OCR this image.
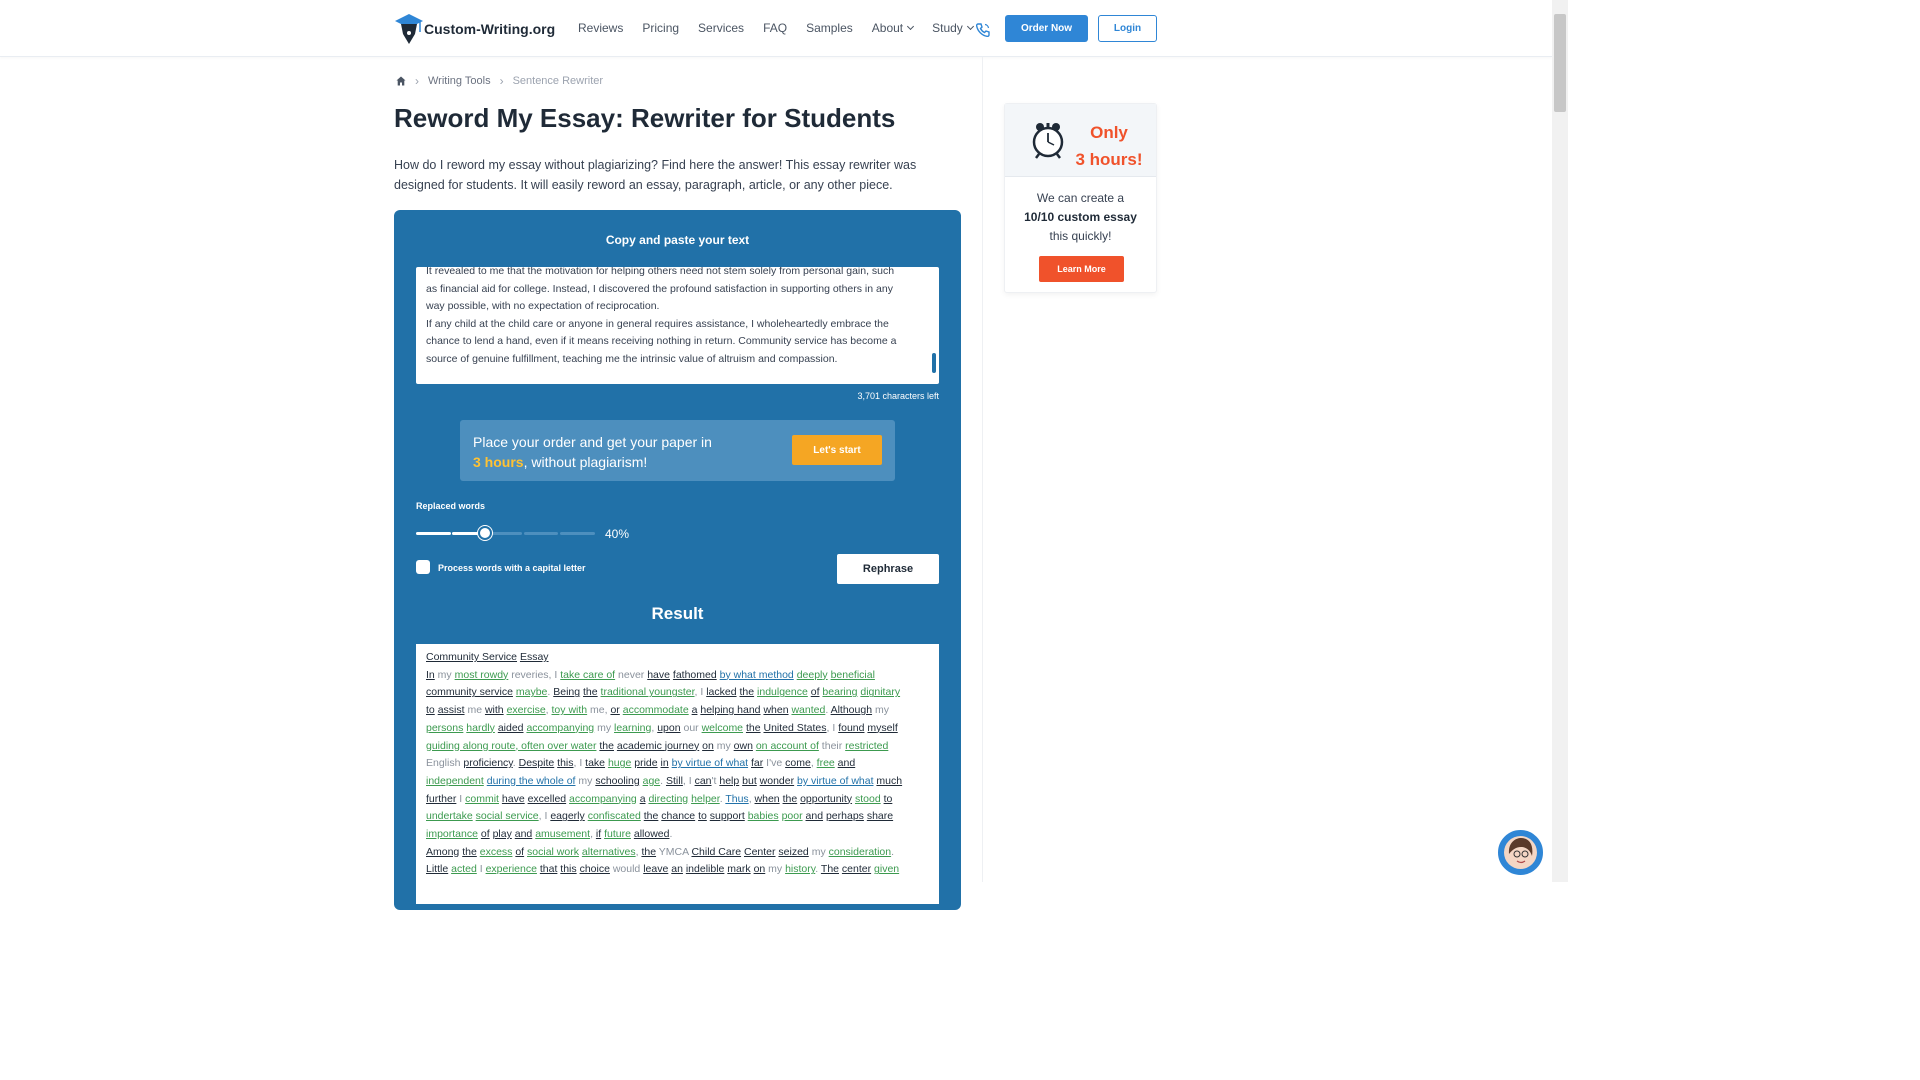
Custom-Writing.org Reviews Pricing Services FAQ Samples About Study	Order Now	Login
› Writing Tools › Sentence Rewriter
Reword My Essay: Rewriter for Students

How do I reword my essay without plagiarizing? Find here the answer! This essay rewriter was designed for students. It will easily reword an essay, paragraph, article, or any other piece.

Copy and paste your text
It revealed to me that the motivation for helping others need not stem solely from personal gain, such
as financial aid for college. Instead, I discovered the profound satisfaction in supporting others in any
way possible, with no expectation of reciprocation.
If any child at the child care or anyone in general requires assistance, I wholeheartedly embrace the
chance to lend a hand, even if it means receiving nothing in return. Community service has become a
source of genuine fulfillment, teaching me the intrinsic value of altruism and compassion.
3,701 characters left
Place your order and get your paper in
3 hours, without plagiarism!
Let's start
Replaced words
40%
Process words with a capital letter	Rephrase
Result
Community Service Essay
In my most rowdy reveries, I take care of never have fathomed by what method deeply beneficial
community service maybe. Being the traditional youngster, I lacked the indulgence of bearing dignitary
to assist me with exercise, toy with me, or accommodate a helping hand when wanted. Although my
persons hardly aided accompanying my learning, upon our welcome the United States, I found myself
guiding along route, often over water the academic journey on my own on account of their restricted
English proficiency. Despite this, I take huge pride in by virtue of what far I've come, free and
independent during the whole of my schooling age. Still, I can't help but wonder by virtue of what much
further I commit have excelled accompanying a directing helper. Thus, when the opportunity stood to
undertake social service, I eagerly confiscated the chance to support babies poor and perhaps share
importance of play and amusement, if future allowed.
Among the excess of social work alternatives, the YMCA Child Care Center seized my consideration.
Little acted I experience that this choice would leave an indelible mark on my history. The center given
Only
3 hours!
We can create a
10/10 custom essay
this quickly!
Learn More
